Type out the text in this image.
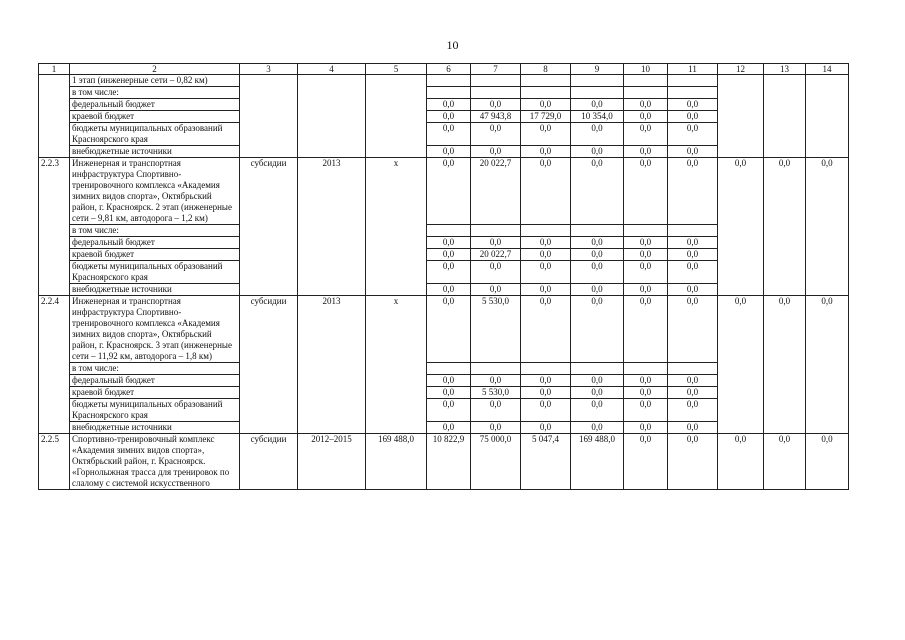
10
1	2	3	4	5	6	7	8	9	10	11	12	13	14
	1 этап (инженерные сети – 0,82 км)												
	в том числе:												
	федеральный бюджет				0,0	0,0	0,0	0,0	0,0	0,0			
	краевой бюджет				0,0	47 943,8	17 729,0	10 354,0	0,0	0,0			
	бюджеты муниципальных образований Красноярского края				0,0	0,0	0,0	0,0	0,0	0,0			
	внебюджетные источники				0,0	0,0	0,0	0,0	0,0	0,0			
2.2.3	Инженерная и транспортная инфраструктура Спортивно-тренировочного комплекса «Академия зимних видов спорта», Октябрьский район, г. Красноярск. 2 этап (инженерные сети – 9,81 км, автодорога – 1,2 км)	субсидии	2013	х	0,0	20 022,7	0,0	0,0	0,0	0,0	0,0	0,0	0,0
	в том числе:												
	федеральный бюджет				0,0	0,0	0,0	0,0	0,0	0,0			
	краевой бюджет				0,0	20 022,7	0,0	0,0	0,0	0,0			
	бюджеты муниципальных образований Красноярского края				0,0	0,0	0,0	0,0	0,0	0,0			
	внебюджетные источники				0,0	0,0	0,0	0,0	0,0	0,0			
2.2.4	Инженерная и транспортная инфраструктура Спортивно-тренировочного комплекса «Академия зимних видов спорта», Октябрьский район, г. Красноярск. 3 этап (инженерные сети – 11,92 км, автодорога – 1,8 км)	субсидии	2013	х	0,0	5 530,0	0,0	0,0	0,0	0,0	0,0	0,0	0,0
	в том числе:												
	федеральный бюджет				0,0	0,0	0,0	0,0	0,0	0,0			
	краевой бюджет				0,0	5 530,0	0,0	0,0	0,0	0,0			
	бюджеты муниципальных образований Красноярского края				0,0	0,0	0,0	0,0	0,0	0,0			
	внебюджетные источники				0,0	0,0	0,0	0,0	0,0	0,0			
2.2.5	Спортивно-тренировочный комплекс «Академия зимних видов спорта», Октябрьский район, г. Красноярск. «Горнолыжная трасса для тренировок по слалому с системой искусственного	субсидии	2012–2015	169 488,0	10 822,9	75 000,0	5 047,4	169 488,0	0,0	0,0	0,0	0,0	0,0
